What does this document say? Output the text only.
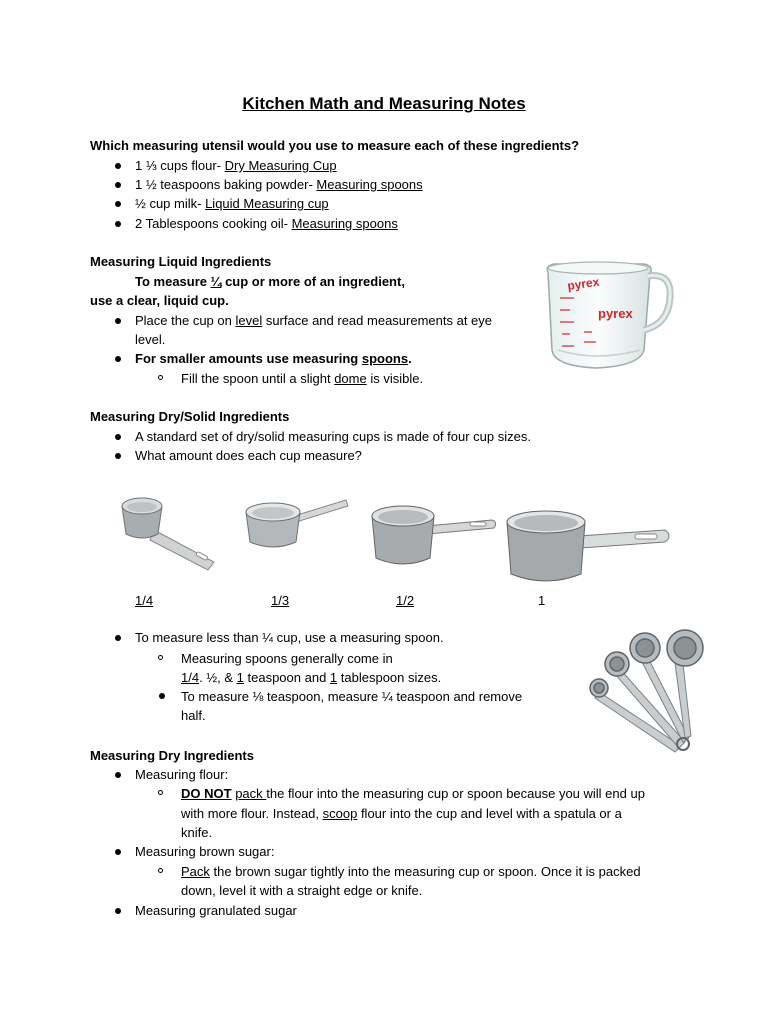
Kitchen Math and Measuring Notes
Which measuring utensil would you use to measure each of these ingredients?
1 ⅓ cups flour- Dry Measuring Cup
1 ½ teaspoons baking powder- Measuring spoons
½ cup milk- Liquid Measuring cup
2 Tablespoons cooking oil- Measuring spoons
Measuring Liquid Ingredients
To measure ¼ cup or more of an ingredient,
use a clear, liquid cup.
Place the cup on level surface and read measurements at eye
level.
For smaller amounts use measuring spoons.
Fill the spoon until a slight dome is visible.
pyrex
pyrex
Measuring Dry/Solid Ingredients
A standard set of dry/solid measuring cups is made of four cup sizes.
What amount does each cup measure?
1/4	1/3	1/2	1
To measure less than ¼ cup, use a measuring spoon.
Measuring spoons generally come in
1/4. ½, & 1 teaspoon and 1 tablespoon sizes.
To measure ⅛ teaspoon, measure ¼ teaspoon and remove
half.
Measuring Dry Ingredients
Measuring flour:
DO NOT pack the flour into the measuring cup or spoon because you will end up
with more flour. Instead, scoop flour into the cup and level with a spatula or a
knife.
Measuring brown sugar:
Pack the brown sugar tightly into the measuring cup or spoon. Once it is packed
down, level it with a straight edge or knife.
Measuring granulated sugar
